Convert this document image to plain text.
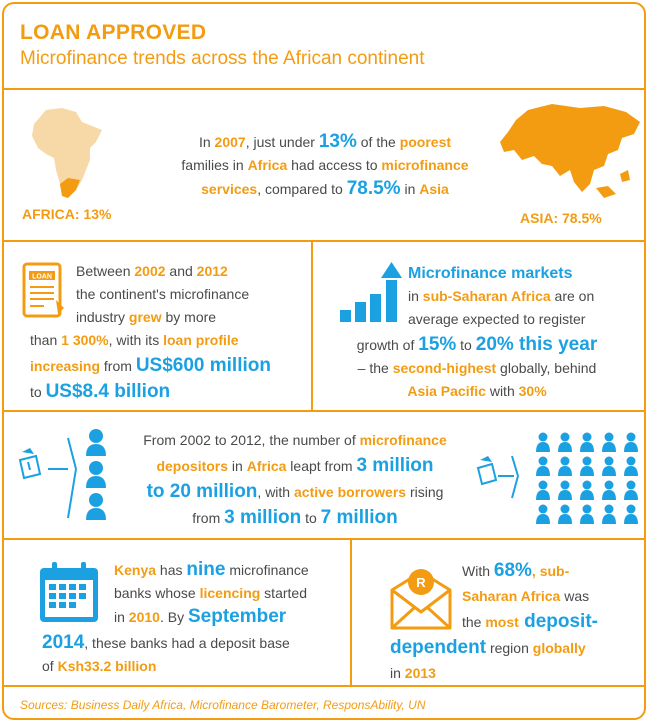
LOAN APPROVED
Microfinance trends across the African continent
AFRICA: 13%	ASIA: 78.5%
In 2007, just under 13% of the poorest
families in Africa had access to microfinance
services, compared to 78.5% in Asia
LOAN	Between 2002 and 2012
the continent's microfinance
industry grew by more
than 1 300%, with its loan profile
increasing from US$600 million
to US$8.4 billion
Microfinance markets
in sub-Saharan Africa are on
average expected to register
growth of 15% to 20% this year
– the second-highest globally, behind
Asia Pacific with 30%
From 2002 to 2012, the number of microfinance
depositors in Africa leapt from 3 million
to 20 million, with active borrowers rising
from 3 million to 7 million
Kenya has nine microfinance
banks whose licencing started
in 2010. By September
2014, these banks had a deposit base
of Ksh33.2 billion
R
With 68%, sub-
Saharan Africa was
the most deposit-
dependent region globally
in 2013
Sources: Business Daily Africa, Microfinance Barometer, ResponsAbility, UN
